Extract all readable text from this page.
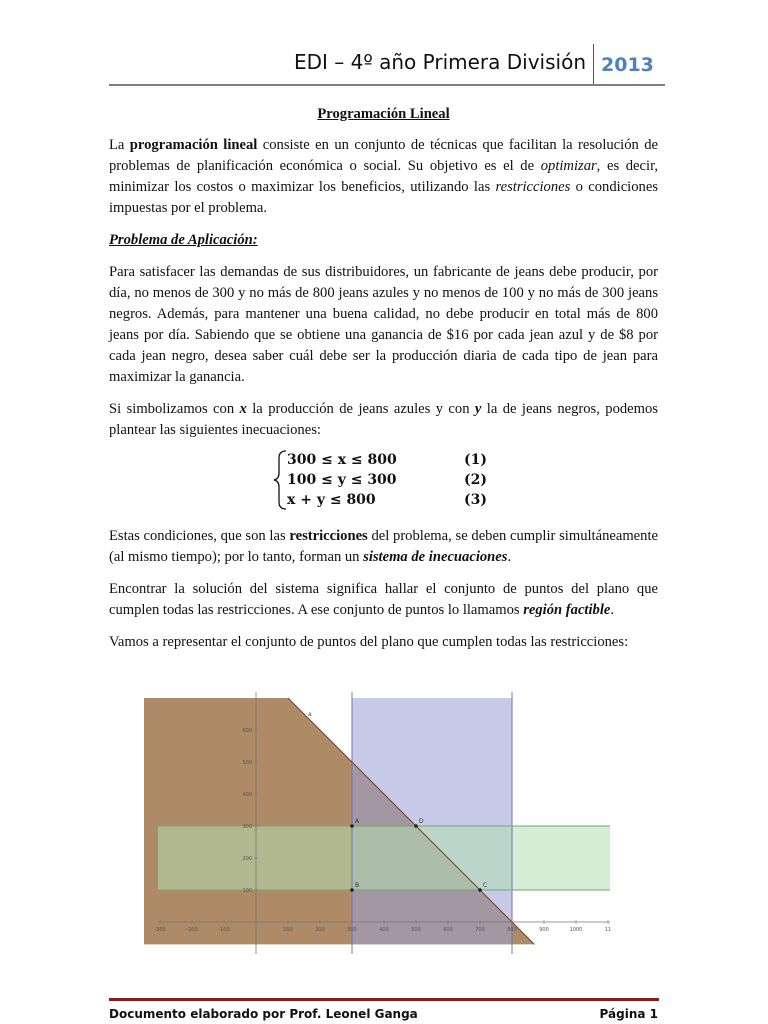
EDI – 4º año Primera División 2013
Programación Lineal

La programación lineal consiste en un conjunto de técnicas que facilitan la resolución de problemas de planificación económica o social. Su objetivo es el de optimizar, es decir, minimizar los costos o maximizar los beneficios, utilizando las restricciones o condiciones impuestas por el problema.

Problema de Aplicación:

Para satisfacer las demandas de sus distribuidores, un fabricante de jeans debe producir, por día, no menos de 300 y no más de 800 jeans azules y no menos de 100 y no más de 300 jeans negros. Además, para mantener una buena calidad, no debe producir en total más de 800 jeans por día. Sabiendo que se obtiene una ganancia de $16 por cada jean azul y de $8 por cada jean negro, desea saber cuál debe ser la producción diaria de cada tipo de jean para maximizar la ganancia.

Si simbolizamos con x la producción de jeans azules y con y la de jeans negros, podemos plantear las siguientes inecuaciones:

300 ≤ x ≤ 800	(1)
100 ≤ y ≤ 300	(2)
x + y ≤ 800	(3)

Estas condiciones, que son las restricciones del problema, se deben cumplir simultáneamente (al mismo tiempo); por lo tanto, forman un sistema de inecuaciones.

Encontrar la solución del sistema significa hallar el conjunto de puntos del plano que cumplen todas las restricciones. A ese conjunto de puntos lo llamamos región factible.

Vamos a representar el conjunto de puntos del plano que cumplen todas las restricciones:

-300	-200	-100	100	200	300	400	500	600	700	800	900	1000	11
100
200
300
400
500
600
a
A
B	C
D
Documento elaborado por Prof. Leonel Ganga	Página 1
